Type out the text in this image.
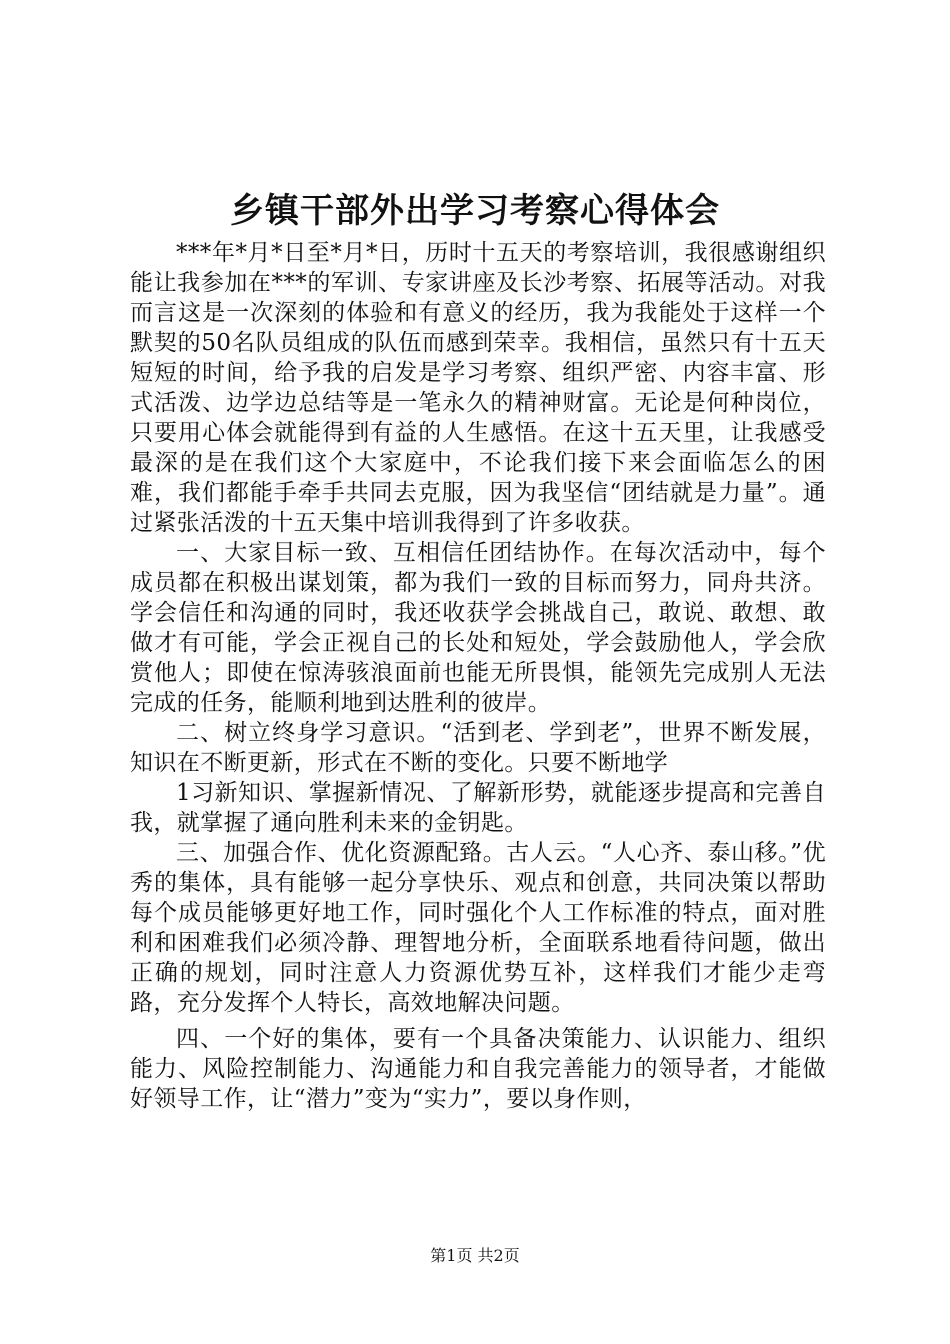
乡镇干部外出学习考察心得体会

***年*月*日至*月*日，历时十五天的考察培训，我很感谢组织能让我参加在***的军训、专家讲座及长沙考察、拓展等活动。对我而言这是一次深刻的体验和有意义的经历，我为我能处于这样一个默契的50名队员组成的队伍而感到荣幸。我相信，虽然只有十五天短短的时间，给予我的启发是学习考察、组织严密、内容丰富、形式活泼、边学边总结等是一笔永久的精神财富。无论是何种岗位，只要用心体会就能得到有益的人生感悟。在这十五天里，让我感受最深的是在我们这个大家庭中，不论我们接下来会面临怎么的困难，我们都能手牵手共同去克服，因为我坚信“团结就是力量”。通过紧张活泼的十五天集中培训我得到了许多收获。

一、大家目标一致、互相信任团结协作。在每次活动中，每个成员都在积极出谋划策，都为我们一致的目标而努力，同舟共济。学会信任和沟通的同时，我还收获学会挑战自己，敢说、敢想、敢做才有可能，学会正视自己的长处和短处，学会鼓励他人，学会欣赏他人；即使在惊涛骇浪面前也能无所畏惧，能领先完成别人无法完成的任务，能顺利地到达胜利的彼岸。

二、树立终身学习意识。“活到老、学到老”，世界不断发展，知识在不断更新，形式在不断的变化。只要不断地学

1习新知识、掌握新情况、了解新形势，就能逐步提高和完善自我，就掌握了通向胜利未来的金钥匙。

三、加强合作、优化资源配臵。古人云。“人心齐、泰山移。”优秀的集体，具有能够一起分享快乐、观点和创意，共同决策以帮助每个成员能够更好地工作，同时强化个人工作标准的特点，面对胜利和困难我们必须冷静、理智地分析，全面联系地看待问题，做出正确的规划，同时注意人力资源优势互补，这样我们才能少走弯路，充分发挥个人特长，高效地解决问题。

四、一个好的集体，要有一个具备决策能力、认识能力、组织能力、风险控制能力、沟通能力和自我完善能力的领导者，才能做好领导工作，让“潜力”变为“实力”，要以身作则，

第1页 共2页
